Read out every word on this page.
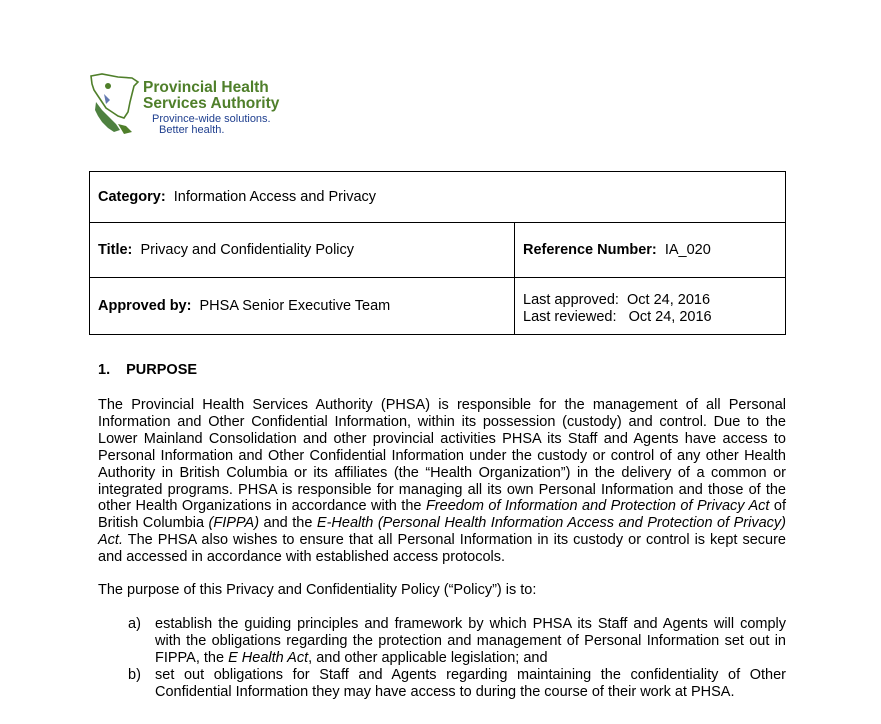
Provincial Health
Services Authority
Province-wide solutions.
Better health.
Category: Information Access and Privacy	
Title: Privacy and Confidentiality Policy	Reference Number: IA_020
Approved by: PHSA Senior Executive Team	Last approved: Oct 24, 2016
Last reviewed: Oct 24, 2016
1. PURPOSE
The Provincial Health Services Authority (PHSA) is responsible for the management of all Personal Information and Other Confidential Information, within its possession (custody) and control. Due to the Lower Mainland Consolidation and other provincial activities PHSA its Staff and Agents have access to Personal Information and Other Confidential Information under the custody or control of any other Health Authority in British Columbia or its affiliates (the “Health Organization”) in the delivery of a common or integrated programs. PHSA is responsible for managing all its own Personal Information and those of the other Health Organizations in accordance with the Freedom of Information and Protection of Privacy Act of British Columbia (FIPPA) and the E-Health (Personal Health Information Access and Protection of Privacy) Act. The PHSA also wishes to ensure that all Personal Information in its custody or control is kept secure and accessed in accordance with established access protocols.
The purpose of this Privacy and Confidentiality Policy (“Policy”) is to:
a) establish the guiding principles and framework by which PHSA its Staff and Agents will comply with the obligations regarding the protection and management of Personal Information set out in FIPPA, the E Health Act, and other applicable legislation; and
b) set out obligations for Staff and Agents regarding maintaining the confidentiality of Other Confidential Information they may have access to during the course of their work at PHSA.
